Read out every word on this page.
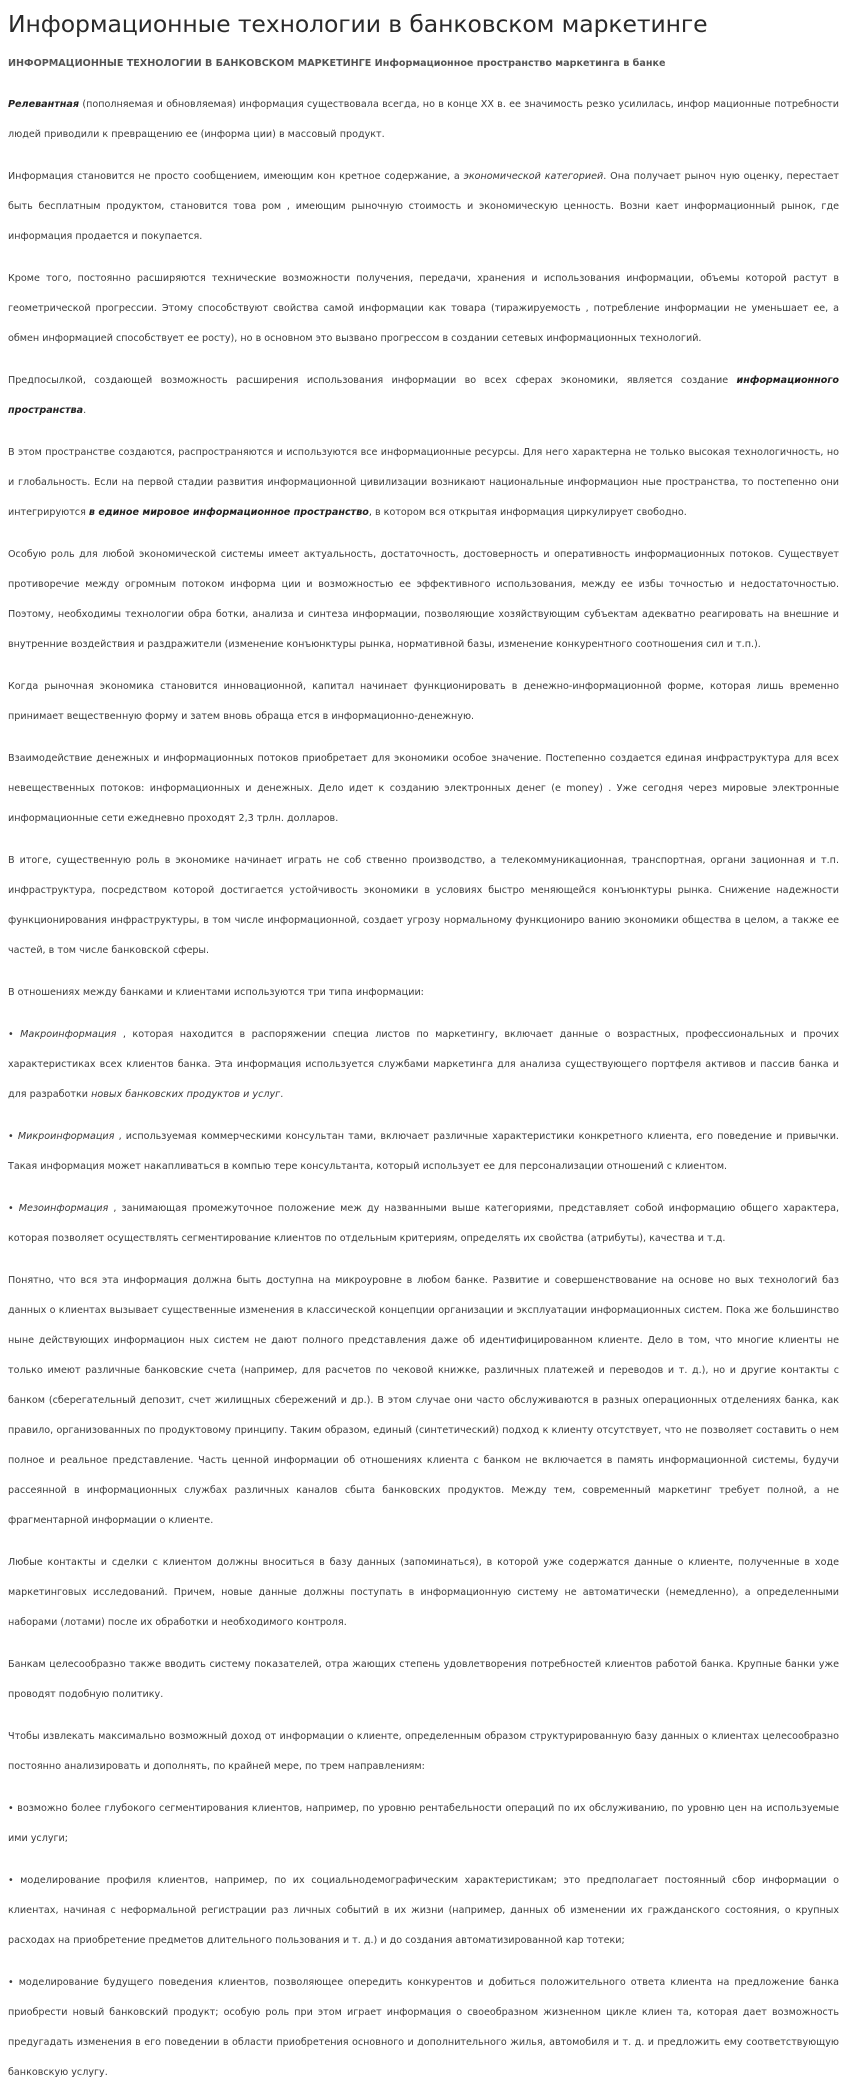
Информационные технологии в банковском маркетинге
ИНФОРМАЦИОННЫЕ ТЕХНОЛОГИИ В БАНКОВСКОМ МАРКЕТИНГЕ Информационное пространство маркетинга в банке

Релевантная (пополняемая и обновляемая) информация существовала всегда, но в конце XX в. ее значимость резко усилилась, инфор мационные потребности людей приводили к превращению ее (информа ции) в массовый продукт.

Информация становится не просто сообщением, имеющим кон кретное содержание, а экономической категорией. Она получает рыноч ную оценку, перестает быть бесплатным продуктом, становится това ром , имеющим рыночную стоимость и экономическую ценность. Возни кает информационный рынок, где информация продается и покупается.

Кроме того, постоянно расширяются технические возможности получения, передачи, хранения и использования информации, объемы которой растут в геометрической прогрессии. Этому способствуют свойства самой информации как товара (тиражируемость , потребление информации не уменьшает ее, а обмен информацией способствует ее росту), но в основном это вызвано прогрессом в создании сетевых информационных технологий.

Предпосылкой, создающей возможность расширения использования информации во всех сферах экономики, является создание информационного пространства.

В этом пространстве создаются, распространяются и используются все информационные ресурсы. Для него характерна не только высокая технологичность, но и глобальность. Если на первой стадии развития информационной цивилизации возникают национальные информацион ные пространства, то постепенно они интегрируются в единое мировое информационное пространство, в котором вся открытая информация циркулирует свободно.

Особую роль для любой экономической системы имеет актуальность, достаточность, достоверность и оперативность информационных потоков. Существует противоречие между огромным потоком информа ции и возможностью ее эффективного использования, между ее избы точностью и недостаточностью. Поэтому, необходимы технологии обра ботки, анализа и синтеза информации, позволяющие хозяйствующим субъектам адекватно реагировать на внешние и внутренние воздействия и раздражители (изменение конъюнктуры рынка, нормативной базы, изменение конкурентного соотношения сил и т.п.).

Когда рыночная экономика становится инновационной, капитал начинает функционировать в денежно-информационной форме, которая лишь временно принимает вещественную форму и затем вновь обраща ется в информационно-денежную.

Взаимодействие денежных и информационных потоков приобретает для экономики особое значение. Постепенно создается единая инфраструктура для всех невещественных потоков: информационных и денежных. Дело идет к созданию электронных денег (e money) . Уже сегодня через мировые электронные информационные сети ежедневно проходят 2,3 трлн. долларов.

В итоге, существенную роль в экономике начинает играть не соб ственно производство, а телекоммуникационная, транспортная, органи зационная и т.п. инфраструктура, посредством которой достигается устойчивость экономики в условиях быстро меняющейся конъюнктуры рынка. Снижение надежности функционирования инфраструктуры, в том числе информационной, создает угрозу нормальному функциониро ванию экономики общества в целом, а также ее частей, в том числе банковской сферы.

В отношениях между банками и клиентами используются три типа информации:

• Макроинформация , которая находится в распоряжении специа листов по маркетингу, включает данные о возрастных, профессиональных и прочих характеристиках всех клиентов банка. Эта информация используется службами маркетинга для анализа существующего портфеля активов и пассив банка и для разработки новых банковских продуктов и услуг.

• Микроинформация , используемая коммерческими консультан тами, включает различные характеристики конкретного клиента, его поведение и привычки. Такая информация может накапливаться в компью тере консультанта, который использует ее для персонализации отношений с клиентом.

• Мезоинформация , занимающая промежуточное положение меж ду названными выше категориями, представляет собой информацию общего характера, которая позволяет осуществлять сегментирование клиентов по отдельным критериям, определять их свойства (атрибуты), качества и т.д.

Понятно, что вся эта информация должна быть доступна на микроуровне в любом банке. Развитие и совершенствование на основе но вых технологий баз данных о клиентах вызывает существенные изменения в классической концепции организации и эксплуатации информационных систем. Пока же большинство ныне действующих информацион ных систем не дают полного представления даже об идентифицированном клиенте. Дело в том, что многие клиенты не только имеют различные банковские счета (например, для расчетов по чековой книжке, различных платежей и переводов и т. д.), но и другие контакты с банком (сберегательный депозит, счет жилищных сбережений и др.). В этом случае они часто обслуживаются в разных операционных отделениях банка, как правило, организованных по продуктовому принципу. Таким образом, единый (синтетический) подход к клиенту отсутствует, что не позволяет составить о нем полное и реальное представление. Часть ценной информации об отношениях клиента с банком не включается в память информационной системы, будучи рассеянной в информационных службах различных каналов сбыта банковских продуктов. Между тем, современный маркетинг требует полной, а не фрагментарной информации о клиенте.

Любые контакты и сделки с клиентом должны вноситься в базу данных (запоминаться), в которой уже содержатся данные о клиенте, полученные в ходе маркетинговых исследований. Причем, новые данные должны поступать в информационную систему не автоматически (немедленно), а определенными наборами (лотами) после их обработки и необходимого контроля.

Банкам целесообразно также вводить систему показателей, отра жающих степень удовлетворения потребностей клиентов работой банка. Крупные банки уже проводят подобную политику.

Чтобы извлекать максимально возможный доход от информации о клиенте, определенным образом структурированную базу данных о клиентах целесообразно постоянно анализировать и дополнять, по крайней мере, по трем направлениям:

• возможно более глубокого сегментирования клиентов, например, по уровню рентабельности операций по их обслуживанию, по уровню цен на используемые ими услуги;

• моделирование профиля клиентов, например, по их социальнодемографическим характеристикам; это предполагает постоянный сбор информации о клиентах, начиная с неформальной регистрации раз личных событий в их жизни (например, данных об изменении их гражданского состояния, о крупных расходах на приобретение предметов длительного пользования и т. д.) и до создания автоматизированной кар тотеки;

• моделирование будущего поведения клиентов, позволяющее опередить конкурентов и добиться положительного ответа клиента на предложение банка приобрести новый банковский продукт; особую роль при этом играет информация о своеобразном жизненном цикле клиен та, которая дает возможность предугадать изменения в его поведении в области приобретения основного и дополнительного жилья, автомобиля и т. д. и предложить ему соответствующую банковскую услугу.
